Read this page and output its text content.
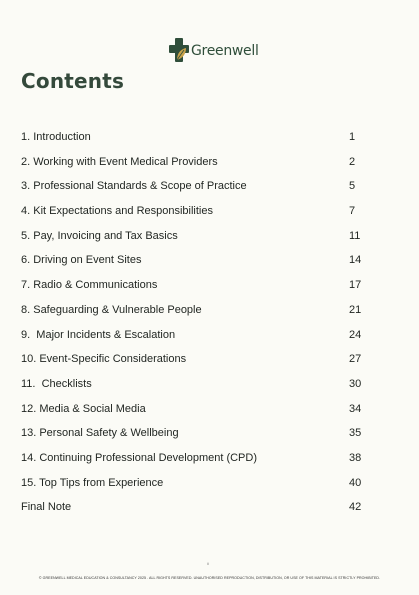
Greenwell
Contents
1. Introduction	1
2. Working with Event Medical Providers	2
3. Professional Standards & Scope of Practice	5
4. Kit Expectations and Responsibilities	7
5. Pay, Invoicing and Tax Basics	11
6. Driving on Event Sites	14
7. Radio & Communications	17
8. Safeguarding & Vulnerable People	21
9.  Major Incidents & Escalation	24
10. Event-Specific Considerations	27
11.  Checklists	30
12. Media & Social Media	34
13. Personal Safety & Wellbeing	35
14. Continuing Professional Development (CPD)	38
15. Top Tips from Experience	40
Final Note	42
ii
© GREENWELL MEDICAL EDUCATION & CONSULTANCY 2025 . ALL RIGHTS RESERVED. UNAUTHORISED REPRODUCTION, DISTRIBUTION, OR USE OF THIS MATERIAL IS STRICTLY PROHIBITED.
